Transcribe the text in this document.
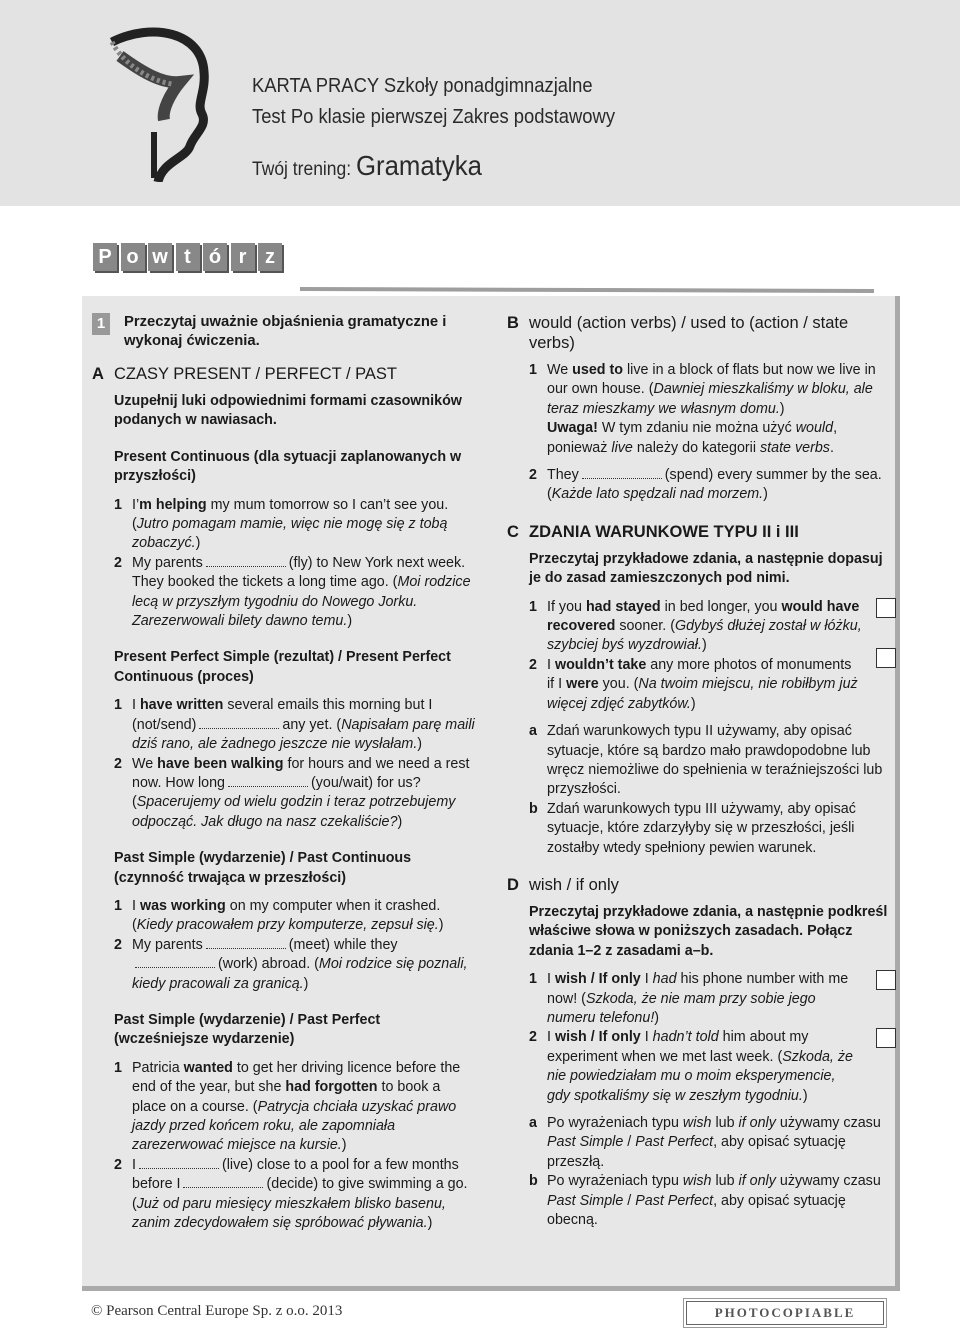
KARTA PRACY Szkoły ponadgimnazjalne
Test Po klasie pierwszej Zakres podstawowy
Twój trening: Gramatyka
P o w t ó r z
1	Przeczytaj uważnie objaśnienia gramatyczne i wykonaj ćwiczenia.
A CZASY PRESENT / PERFECT / PAST

Uzupełnij luki odpowiednimi formami czasowników podanych w nawiasach.

Present Continuous (dla sytuacji zaplanowanych w przyszłości)

1 I’m helping my mum tomorrow so I can’t see you. (Jutro pomagam mamie, więc nie mogę się z tobą zobaczyć.)
2 My parents	(fly) to New York next week. They booked the tickets a long time ago. (Moi rodzice lecą w przyszłym tygodniu do Nowego Jorku. Zarezerwowali bilety dawno temu.)

Present Perfect Simple (rezultat) / Present Perfect Continuous (proces)

1 I have written several emails this morning but I (not/send)	any yet. (Napisałam parę maili dziś rano, ale żadnego jeszcze nie wysłałam.)
2 We have been walking for hours and we need a rest now. How long	(you/wait) for us? (Spacerujemy od wielu godzin i teraz potrzebujemy odpocząć. Jak długo na nasz czekaliście?)

Past Simple (wydarzenie) / Past Continuous (czynność trwająca w przeszłości)

1 I was working on my computer when it crashed. (Kiedy pracowałem przy komputerze, zepsuł się.)
2 My parents	(meet) while they
(work) abroad. (Moi rodzice się poznali, kiedy pracowali za granicą.)

Past Simple (wydarzenie) / Past Perfect (wcześniejsze wydarzenie)

1 Patricia wanted to get her driving licence before the end of the year, but she had forgotten to book a place on a course. (Patrycja chciała uzyskać prawo jazdy przed końcem roku, ale zapomniała zarezerwować miejsce na kursie.)
2 I	(live) close to a pool for a few months before I	(decide) to give swimming a go. (Już od paru miesięcy mieszkałem blisko basenu, zanim zdecydowałem się spróbować pływania.)
B would (action verbs) / used to (action / state verbs)
1 We used to live in a block of flats but now we live in our own house. (Dawniej mieszkaliśmy w bloku, ale teraz mieszkamy we własnym domu.)
Uwaga! W tym zdaniu nie można użyć would, ponieważ live należy do kategorii state verbs.
2 They	(spend) every summer by the sea. (Każde lato spędzali nad morzem.)
C ZDANIA WARUNKOWE TYPU II i III

Przeczytaj przykładowe zdania, a następnie dopasuj je do zasad zamieszczonych pod nimi.

1 If you had stayed in bed longer, you would have recovered sooner. (Gdybyś dłużej został w łóżku, szybciej byś wyzdrowiał.)
2 I wouldn’t take any more photos of monuments if I were you. (Na twoim miejscu, nie robiłbym już więcej zdjęć zabytków.)
a Zdań warunkowych typu II używamy, aby opisać sytuacje, które są bardzo mało prawdopodobne lub wręcz niemożliwe do spełnienia w teraźniejszości lub przyszłości.
b Zdań warunkowych typu III używamy, aby opisać sytuacje, które zdarzyłyby się w przeszłości, jeśli zostałby wtedy spełniony pewien warunek.
D wish / if only

Przeczytaj przykładowe zdania, a następnie podkreśl właściwe słowa w poniższych zasadach. Połącz zdania 1–2 z zasadami a–b.

1 I wish / If only I had his phone number with me now! (Szkoda, że nie mam przy sobie jego numeru telefonu!)
2 I wish / If only I hadn’t told him about my experiment when we met last week. (Szkoda, że nie powiedziałam mu o moim eksperymencie, gdy spotkaliśmy się w zeszłym tygodniu.)
a Po wyrażeniach typu wish lub if only używamy czasu Past Simple / Past Perfect, aby opisać sytuację przeszłą.
b Po wyrażeniach typu wish lub if only używamy czasu Past Simple / Past Perfect, aby opisać sytuację obecną.
© Pearson Central Europe Sp. z o.o. 2013	PHOTOCOPIABLE
